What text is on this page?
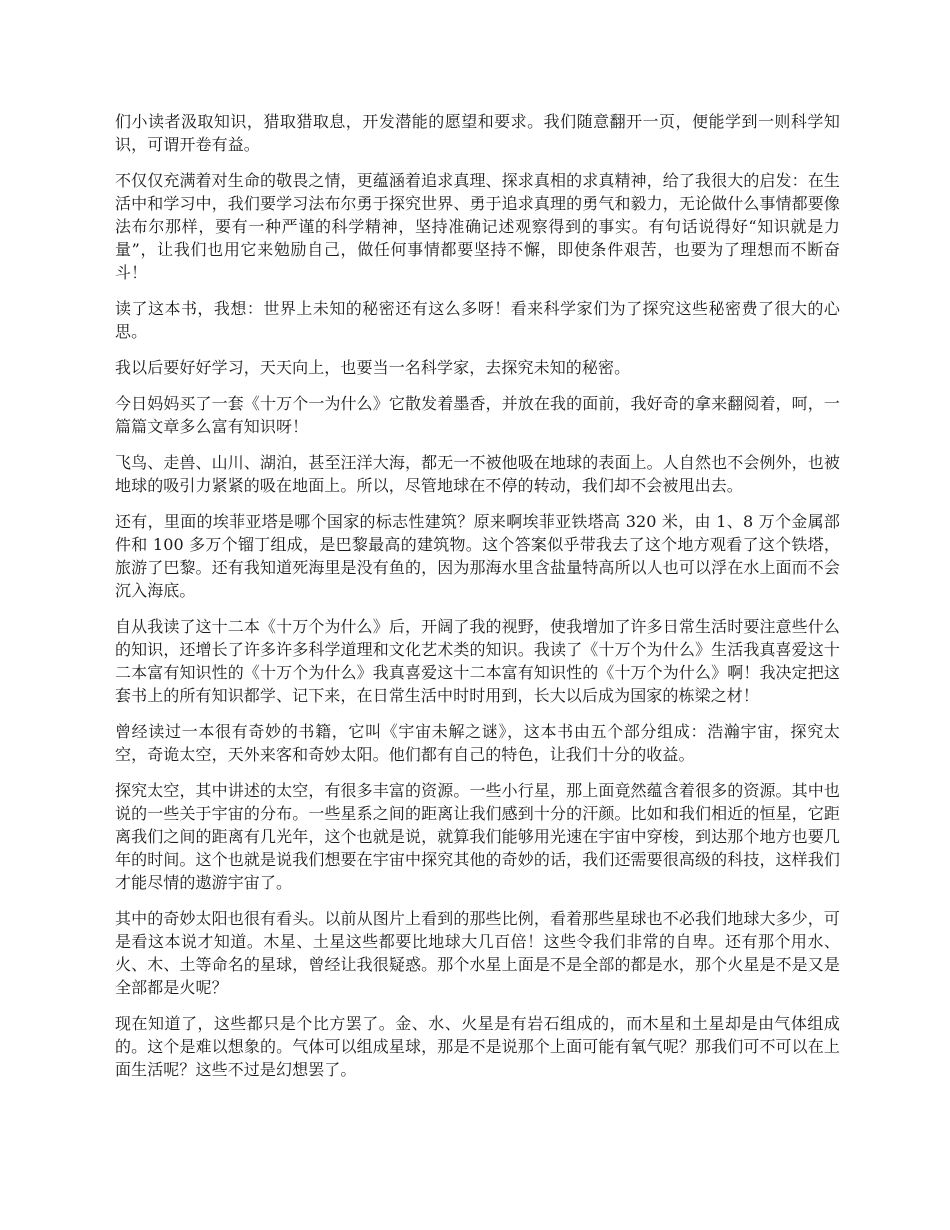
们小读者汲取知识，猎取猎取息，开发潜能的愿望和要求。我们随意翻开一页，便能学到一则科学知识，可谓开卷有益。

不仅仅充满着对生命的敬畏之情，更蕴涵着追求真理、探求真相的求真精神，给了我很大的启发：在生活中和学习中，我们要学习法布尔勇于探究世界、勇于追求真理的勇气和毅力，无论做什么事情都要像法布尔那样，要有一种严谨的科学精神，坚持准确记述观察得到的事实。有句话说得好“知识就是力量”，让我们也用它来勉励自己，做任何事情都要坚持不懈，即使条件艰苦，也要为了理想而不断奋斗！

读了这本书，我想：世界上未知的秘密还有这么多呀！看来科学家们为了探究这些秘密费了很大的心思。

我以后要好好学习，天天向上，也要当一名科学家，去探究未知的秘密。

今日妈妈买了一套《十万个一为什么》它散发着墨香，并放在我的面前，我好奇的拿来翻阅着，呵，一篇篇文章多么富有知识呀！

飞鸟、走兽、山川、湖泊，甚至汪洋大海，都无一不被他吸在地球的表面上。人自然也不会例外，也被地球的吸引力紧紧的吸在地面上。所以，尽管地球在不停的转动，我们却不会被甩出去。

还有，里面的埃菲亚塔是哪个国家的标志性建筑？原来啊埃菲亚铁塔高 320 米，由 1、8 万个金属部件和 100 多万个镏丁组成，是巴黎最高的建筑物。这个答案似乎带我去了这个地方观看了这个铁塔，旅游了巴黎。还有我知道死海里是没有鱼的，因为那海水里含盐量特高所以人也可以浮在水上面而不会沉入海底。

自从我读了这十二本《十万个为什么》后，开阔了我的视野，使我增加了许多日常生活时要注意些什么的知识，还增长了许多许多科学道理和文化艺术类的知识。我读了《十万个为什么》生活我真喜爱这十二本富有知识性的《十万个为什么》我真喜爱这十二本富有知识性的《十万个为什么》啊！我决定把这套书上的所有知识都学、记下来，在日常生活中时时用到，长大以后成为国家的栋梁之材！

曾经读过一本很有奇妙的书籍，它叫《宇宙未解之谜》，这本书由五个部分组成：浩瀚宇宙，探究太空，奇诡太空，天外来客和奇妙太阳。他们都有自己的特色，让我们十分的收益。

探究太空，其中讲述的太空，有很多丰富的资源。一些小行星，那上面竟然蕴含着很多的资源。其中也说的一些关于宇宙的分布。一些星系之间的距离让我们感到十分的汗颜。比如和我们相近的恒星，它距离我们之间的距离有几光年，这个也就是说，就算我们能够用光速在宇宙中穿梭，到达那个地方也要几年的时间。这个也就是说我们想要在宇宙中探究其他的奇妙的话，我们还需要很高级的科技，这样我们才能尽情的遨游宇宙了。

其中的奇妙太阳也很有看头。以前从图片上看到的那些比例，看着那些星球也不必我们地球大多少，可是看这本说才知道。木星、土星这些都要比地球大几百倍！这些令我们非常的自卑。还有那个用水、火、木、土等命名的星球，曾经让我很疑惑。那个水星上面是不是全部的都是水，那个火星是不是又是全部都是火呢？

现在知道了，这些都只是个比方罢了。金、水、火星是有岩石组成的，而木星和土星却是由气体组成的。这个是难以想象的。气体可以组成星球，那是不是说那个上面可能有氧气呢？那我们可不可以在上面生活呢？这些不过是幻想罢了。
